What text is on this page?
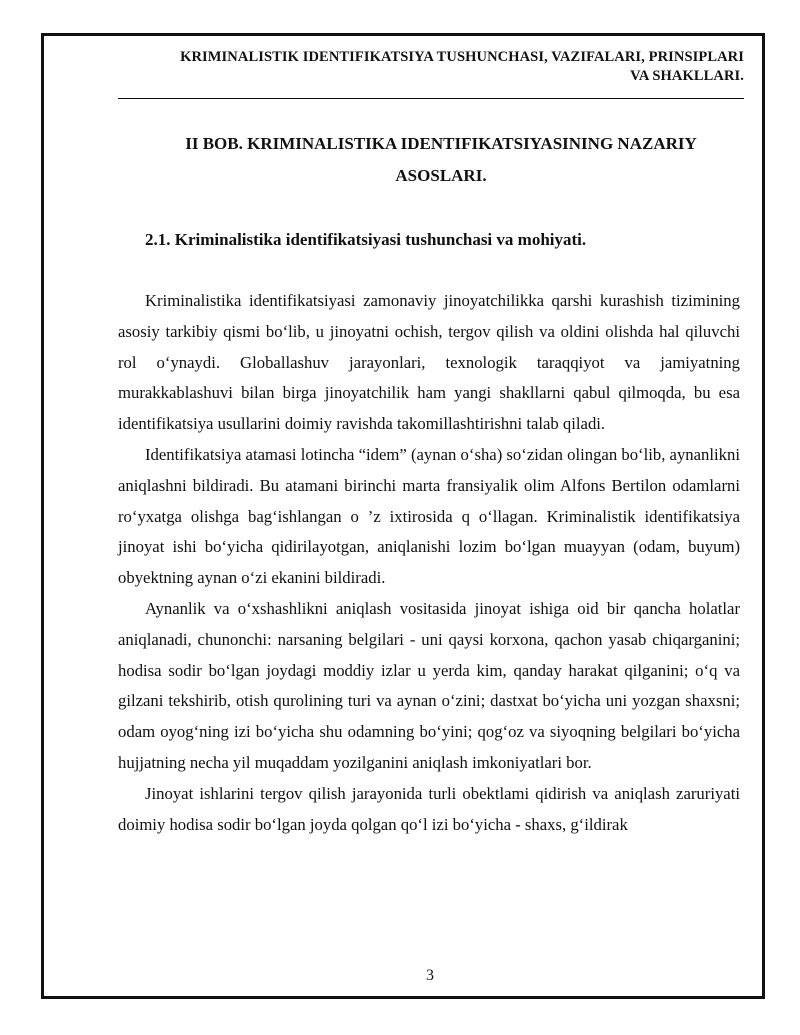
KRIMINALISTIK IDENTIFIKATSIYA TUSHUNCHASI, VAZIFALARI, PRINSIPLARI
VA SHAKLLARI.
II BOB. KRIMINALISTIKA IDENTIFIKATSIYASINING NAZARIY
ASOSLARI.
2.1. Kriminalistika identifikatsiyasi tushunchasi va mohiyati.

Kriminalistika identifikatsiyasi zamonaviy jinoyatchilikka qarshi kurashish tizimining asosiy tarkibiy qismi bo‘lib, u jinoyatni ochish, tergov qilish va oldini olishda hal qiluvchi rol o‘ynaydi. Globallashuv jarayonlari, texnologik taraqqiyot va jamiyatning murakkablashuvi bilan birga jinoyatchilik ham yangi shakllarni qabul qilmoqda, bu esa identifikatsiya usullarini doimiy ravishda takomillashtirishni talab qiladi.

Identifikatsiya atamasi lotincha “idem” (aynan o‘sha) so‘zidan olingan bo‘lib, aynanlikni aniqlashni bildiradi. Bu atamani birinchi marta fransiyalik olim Alfons Bertilon odamlarni ro‘yxatga olishga bag‘ishlangan o ’z ixtirosida q o‘llagan. Kriminalistik identifikatsiya jinoyat ishi bo‘yicha qidirilayotgan, aniqlanishi lozim bo‘lgan muayyan (odam, buyum) obyektning aynan o‘zi ekanini bildiradi.

Aynanlik va o‘xshashlikni aniqlash vositasida jinoyat ishiga oid bir qancha holatlar aniqlanadi, chunonchi: narsaning belgilari - uni qaysi korxona, qachon yasab chiqarganini; hodisa sodir bo‘lgan joydagi moddiy izlar u yerda kim, qanday harakat qilganini; o‘q va gilzani tekshirib, otish qurolining turi va aynan o‘zini; dastxat bo‘yicha uni yozgan shaxsni; odam oyog‘ning izi bo‘yicha shu odamning bo‘yini; qog‘oz va siyoqning belgilari bo‘yicha hujjatning necha yil muqaddam yozilganini aniqlash imkoniyatlari bor.

Jinoyat ishlarini tergov qilish jarayonida turli obektlami qidirish va aniqlash zaruriyati doimiy hodisa sodir bo‘lgan joyda qolgan qo‘l izi bo‘yicha - shaxs, g‘ildirak

3
